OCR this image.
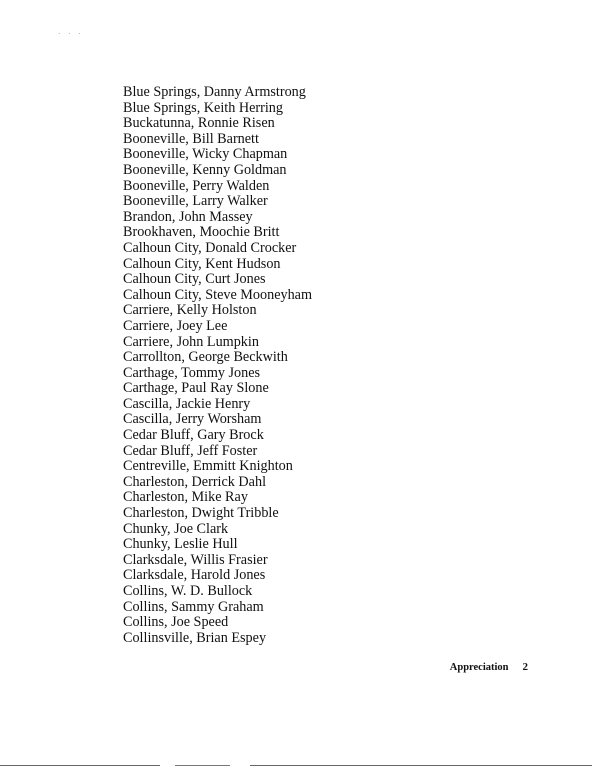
· · ·
Blue Springs, Danny Armstrong
Blue Springs, Keith Herring
Buckatunna, Ronnie Risen
Booneville, Bill Barnett
Booneville, Wicky Chapman
Booneville, Kenny Goldman
Booneville, Perry Walden
Booneville, Larry Walker
Brandon, John Massey
Brookhaven, Moochie Britt
Calhoun City, Donald Crocker
Calhoun City, Kent Hudson
Calhoun City, Curt Jones
Calhoun City, Steve Mooneyham
Carriere, Kelly Holston
Carriere, Joey Lee
Carriere, John Lumpkin
Carrollton, George Beckwith
Carthage, Tommy Jones
Carthage, Paul Ray Slone
Cascilla, Jackie Henry
Cascilla, Jerry Worsham
Cedar Bluff, Gary Brock
Cedar Bluff, Jeff Foster
Centreville, Emmitt Knighton
Charleston, Derrick Dahl
Charleston, Mike Ray
Charleston, Dwight Tribble
Chunky, Joe Clark
Chunky, Leslie Hull
Clarksdale, Willis Frasier
Clarksdale, Harold Jones
Collins, W. D. Bullock
Collins, Sammy Graham
Collins, Joe Speed
Collinsville, Brian Espey
Appreciation 2
